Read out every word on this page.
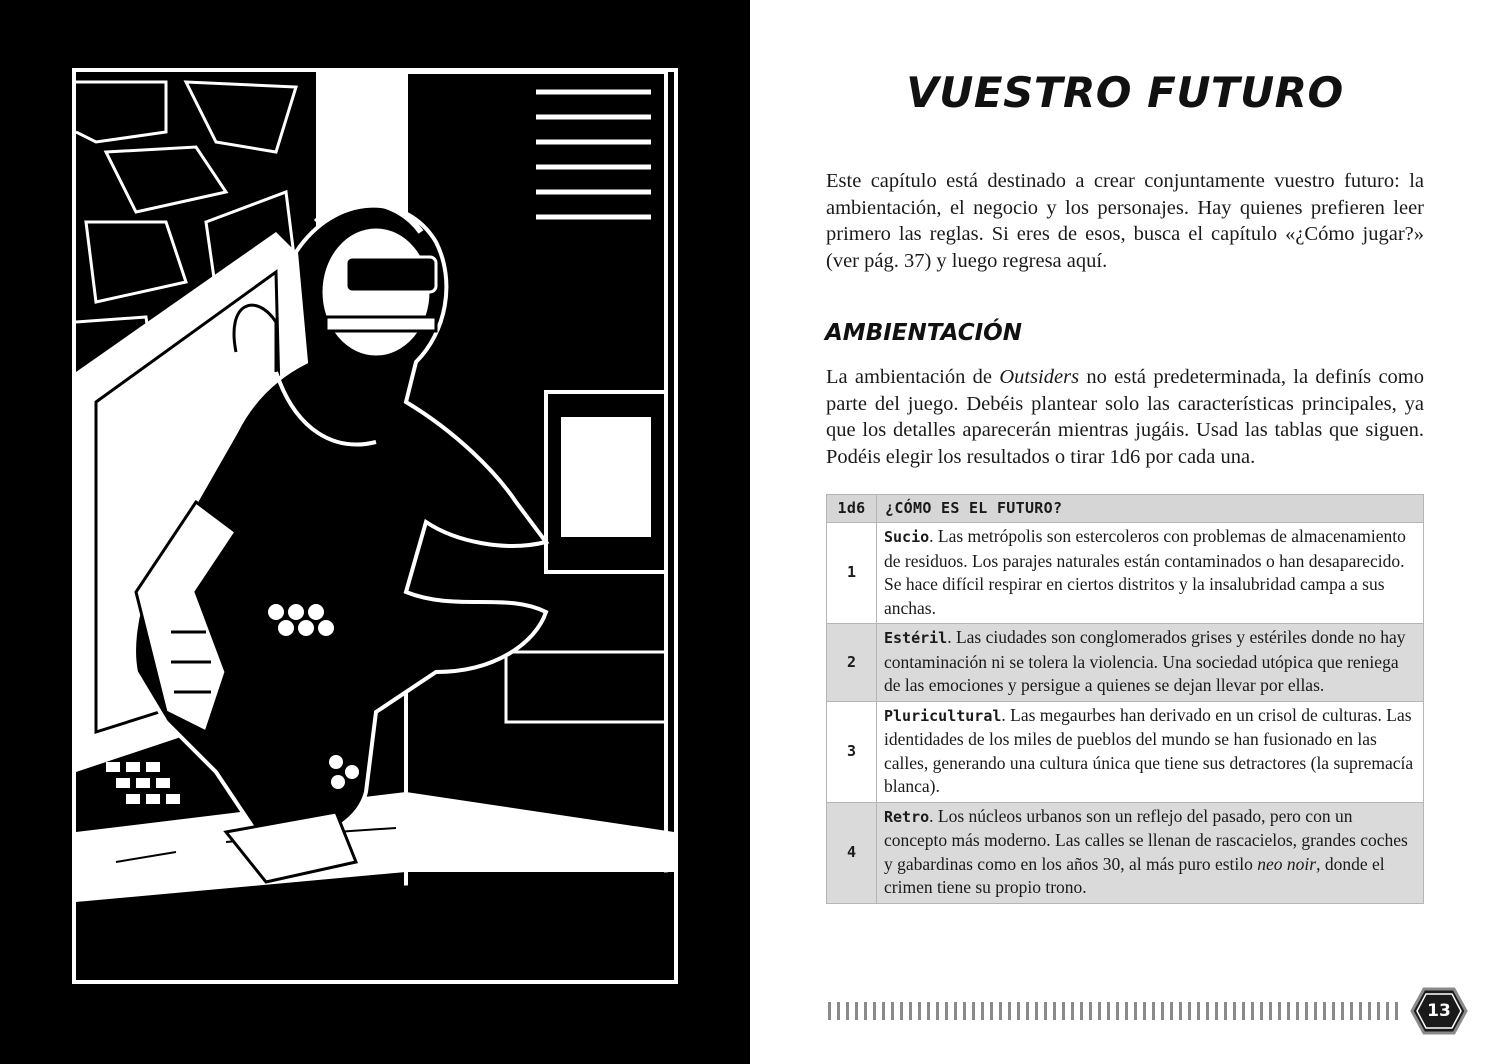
VUESTRO FUTURO

Este capítulo está destinado a crear conjuntamente vuestro futuro: la ambientación, el negocio y los personajes. Hay quienes prefieren leer primero las reglas. Si eres de esos, busca el capítulo «¿Cómo jugar?» (ver pág. 37) y luego regresa aquí.

AMBIENTACIÓN

La ambientación de Outsiders no está predeterminada, la definís como parte del juego. Debéis plantear solo las características principales, ya que los detalles aparecerán mientras jugáis. Usad las tablas que siguen. Podéis elegir los resultados o tirar 1d6 por cada una.

1d6	¿CÓMO ES EL FUTURO?
1	Sucio. Las metrópolis son estercoleros con problemas de almacenamiento de residuos. Los parajes naturales están contaminados o han desaparecido. Se hace difícil respirar en ciertos distritos y la insalubridad campa a sus anchas.
2	Estéril. Las ciudades son conglomerados grises y estériles donde no hay contaminación ni se tolera la violencia. Una sociedad utópica que reniega de las emociones y persigue a quienes se dejan llevar por ellas.
3	Pluricultural. Las megaurbes han derivado en un crisol de culturas. Las identidades de los miles de pueblos del mundo se han fusionado en las calles, generando una cultura única que tiene sus detractores (la supremacía blanca).
4	Retro. Los núcleos urbanos son un reflejo del pasado, pero con un concepto más moderno. Las calles se llenan de rascacielos, grandes coches y gabardinas como en los años 30, al más puro estilo neo noir, donde el crimen tiene su propio trono.
13
